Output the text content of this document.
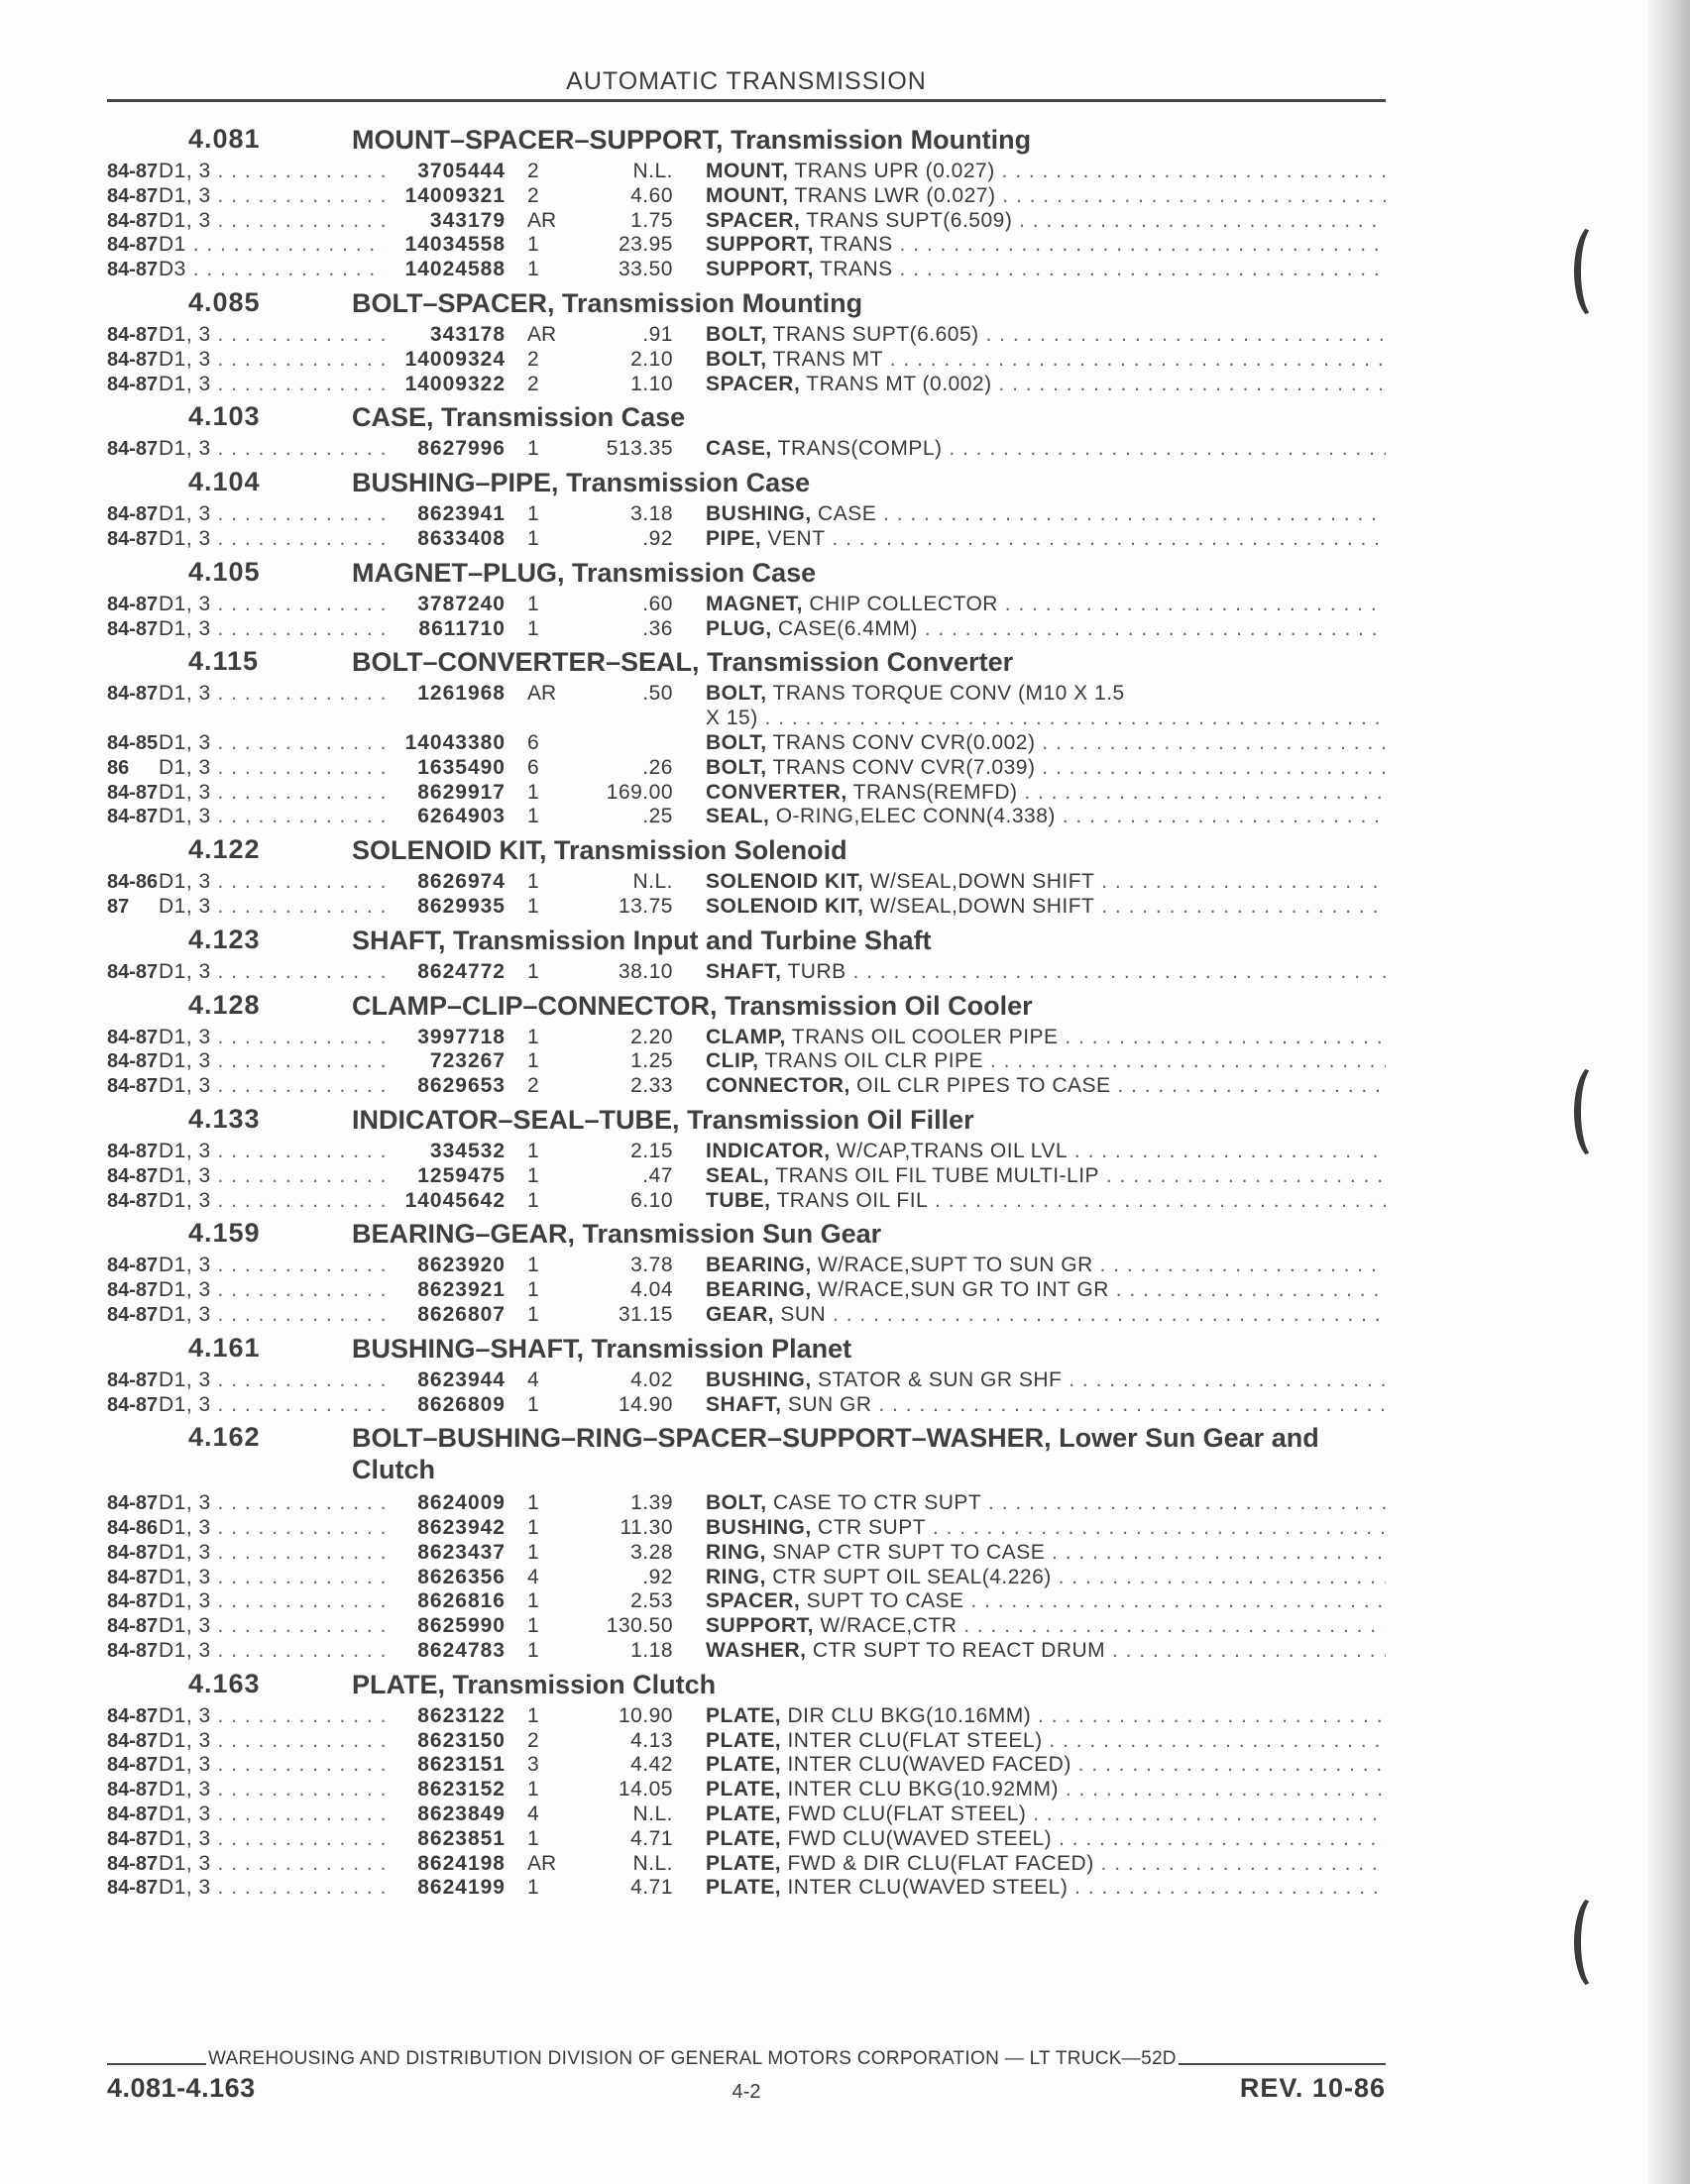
AUTOMATIC TRANSMISSION
4.081	MOUNT–SPACER–SUPPORT, Transmission Mounting
84-87 D1, 3 . . .	3705444	2	N.L. MOUNT, TRANS UPR (0.027) . . .
84-87 D1, 3 . . .	14009321	2	4.60 MOUNT, TRANS LWR (0.027) . . .
84-87 D1, 3 . . .	343179	AR	1.75 SPACER, TRANS SUPT(6.509) . . .
84-87 D1 . . .	14034558	1	23.95 SUPPORT, TRANS . . .
84-87 D3 . . .	14024588	1	33.50 SUPPORT, TRANS . . .
4.085	BOLT–SPACER, Transmission Mounting
84-87 D1, 3 . . .	343178	AR	.91 BOLT, TRANS SUPT(6.605) . . .
84-87 D1, 3 . . .	14009324	2	2.10 BOLT, TRANS MT . . .
84-87 D1, 3 . . .	14009322	2	1.10 SPACER, TRANS MT (0.002) . . .
4.103	CASE, Transmission Case
84-87 D1, 3 . . .	8627996	1	513.35 CASE, TRANS(COMPL) . . .
4.104	BUSHING–PIPE, Transmission Case
84-87 D1, 3 . . .	8623941	1	3.18 BUSHING, CASE . . .
84-87 D1, 3 . . .	8633408	1	.92 PIPE, VENT . . .
4.105	MAGNET–PLUG, Transmission Case
84-87 D1, 3 . . .	3787240	1	.60 MAGNET, CHIP COLLECTOR . . .
84-87 D1, 3 . . .	8611710	1	.36 PLUG, CASE(6.4MM) . . .
4.115	BOLT–CONVERTER–SEAL, Transmission Converter
84-87 D1, 3 . . .	1261968	AR	.50 BOLT, TRANS TORQUE CONV (M10 X 1.5
X 15) . . .
84-85 D1, 3 . . .	14043380	6	BOLT, TRANS CONV CVR(0.002) . . .
86	D1, 3 . . .	1635490	6	.26 BOLT, TRANS CONV CVR(7.039) . . .
84-87 D1, 3 . . .	8629917	1	169.00 CONVERTER, TRANS(REMFD) . . .
84-87 D1, 3 . . .	6264903	1	.25 SEAL, O-RING,ELEC CONN(4.338) . . .
4.122	SOLENOID KIT, Transmission Solenoid
84-86 D1, 3 . . .	8626974	1	N.L. SOLENOID KIT, W/SEAL,DOWN SHIFT . . .
87	D1, 3 . . .	8629935	1	13.75 SOLENOID KIT, W/SEAL,DOWN SHIFT . . .
4.123	SHAFT, Transmission Input and Turbine Shaft
84-87 D1, 3 . . .	8624772	1	38.10 SHAFT, TURB . . .
4.128	CLAMP–CLIP–CONNECTOR, Transmission Oil Cooler
84-87 D1, 3 . . .	3997718	1	2.20 CLAMP, TRANS OIL COOLER PIPE . . .
84-87 D1, 3 . . .	723267	1	1.25 CLIP, TRANS OIL CLR PIPE . . .
84-87 D1, 3 . . .	8629653	2	2.33 CONNECTOR, OIL CLR PIPES TO CASE . . .
4.133	INDICATOR–SEAL–TUBE, Transmission Oil Filler
84-87 D1, 3 . . .	334532	1	2.15 INDICATOR, W/CAP,TRANS OIL LVL . . .
84-87 D1, 3 . . .	1259475	1	.47 SEAL, TRANS OIL FIL TUBE MULTI-LIP . . .
84-87 D1, 3 . . .	14045642	1	6.10 TUBE, TRANS OIL FIL . . .
4.159	BEARING–GEAR, Transmission Sun Gear
84-87 D1, 3 . . .	8623920	1	3.78 BEARING, W/RACE,SUPT TO SUN GR . . .
84-87 D1, 3 . . .	8623921	1	4.04 BEARING, W/RACE,SUN GR TO INT GR . . .
84-87 D1, 3 . . .	8626807	1	31.15 GEAR, SUN . . .
4.161	BUSHING–SHAFT, Transmission Planet
84-87 D1, 3 . . .	8623944	4	4.02 BUSHING, STATOR & SUN GR SHF . . .
84-87 D1, 3 . . .	8626809	1	14.90 SHAFT, SUN GR . . .
4.162	BOLT–BUSHING–RING–SPACER–SUPPORT–WASHER, Lower Sun Gear and Clutch
84-87 D1, 3 . . .	8624009	1	1.39 BOLT, CASE TO CTR SUPT . . .
84-86 D1, 3 . . .	8623942	1	11.30 BUSHING, CTR SUPT . . .
84-87 D1, 3 . . .	8623437	1	3.28 RING, SNAP CTR SUPT TO CASE . . .
84-87 D1, 3 . . .	8626356	4	.92 RING, CTR SUPT OIL SEAL(4.226) . . .
84-87 D1, 3 . . .	8626816	1	2.53 SPACER, SUPT TO CASE . . .
84-87 D1, 3 . . .	8625990	1	130.50 SUPPORT, W/RACE,CTR . . .
84-87 D1, 3 . . .	8624783	1	1.18 WASHER, CTR SUPT TO REACT DRUM . . .
4.163	PLATE, Transmission Clutch
84-87 D1, 3 . . .	8623122	1	10.90 PLATE, DIR CLU BKG(10.16MM) . . .
84-87 D1, 3 . . .	8623150	2	4.13 PLATE, INTER CLU(FLAT STEEL) . . .
84-87 D1, 3 . . .	8623151	3	4.42 PLATE, INTER CLU(WAVED FACED) . . .
84-87 D1, 3 . . .	8623152	1	14.05 PLATE, INTER CLU BKG(10.92MM) . . .
84-87 D1, 3 . . .	8623849	4	N.L. PLATE, FWD CLU(FLAT STEEL) . . .
84-87 D1, 3 . . .	8623851	1	4.71 PLATE, FWD CLU(WAVED STEEL) . . .
84-87 D1, 3 . . .	8624198	AR	N.L. PLATE, FWD & DIR CLU(FLAT FACED) . . .
84-87 D1, 3 . . .	8624199	1	4.71 PLATE, INTER CLU(WAVED STEEL) . . .
WAREHOUSING AND DISTRIBUTION DIVISION OF GENERAL MOTORS CORPORATION — LT TRUCK—52D
4.081-4.163	4-2	REV. 10-86
